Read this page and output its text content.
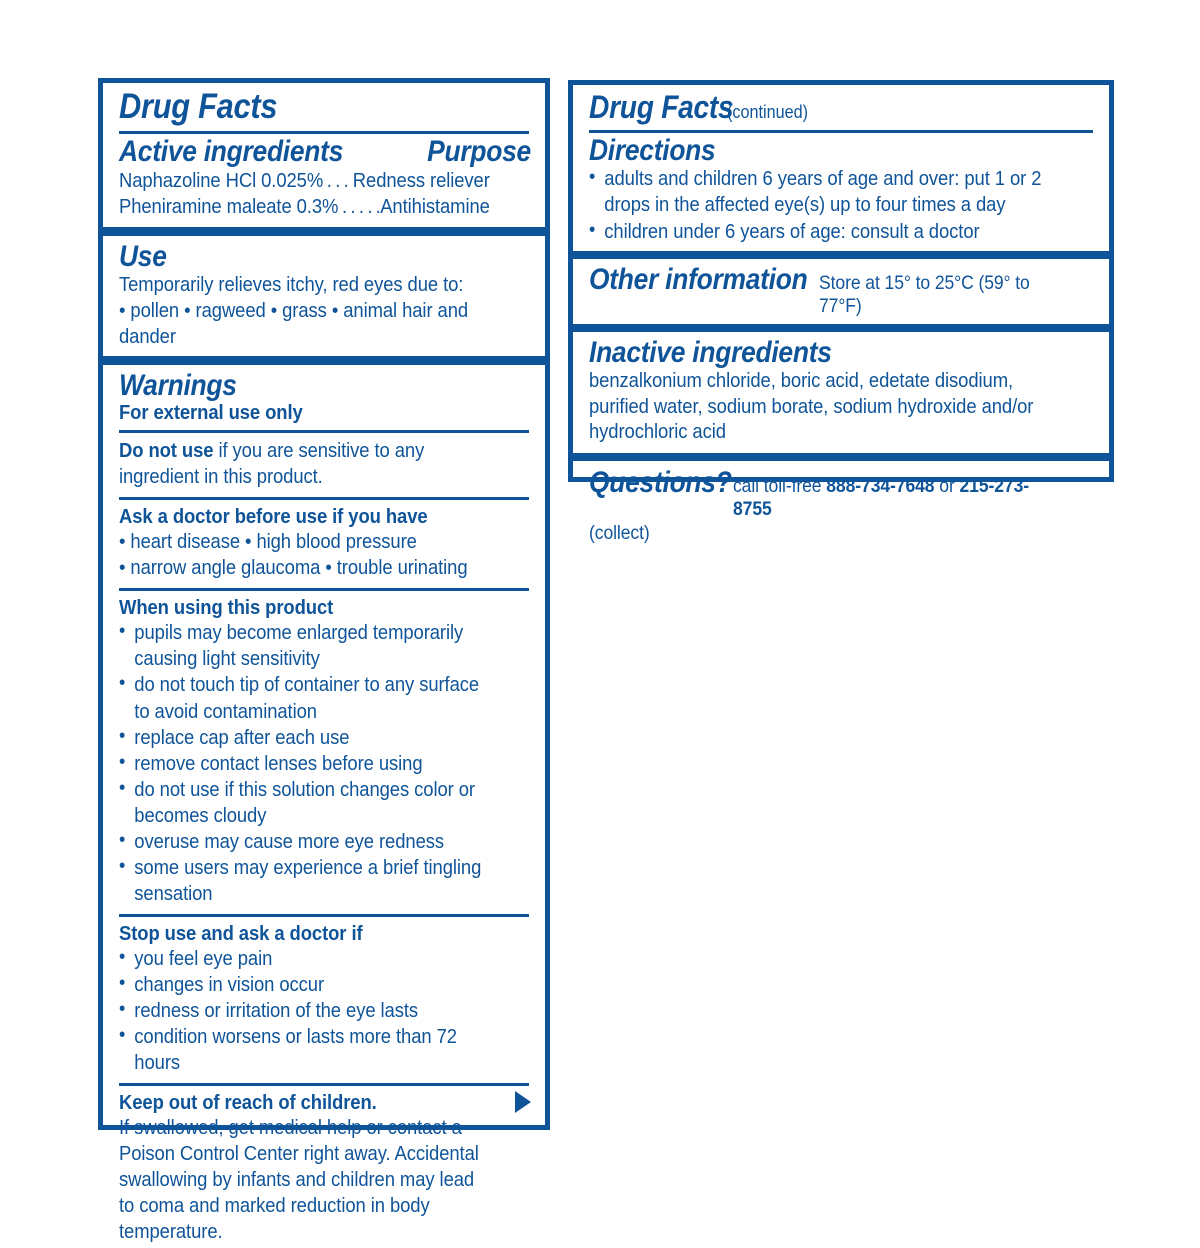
Drug Facts
Active ingredients	Purpose
Naphazoline HCl 0.025% . . . Redness reliever
Pheniramine maleate 0.3% . . . Antihistamine
Use
Temporarily relieves itchy, red eyes due to:
• pollen • ragweed • grass • animal hair and dander
Warnings
For external use only
Do not use if you are sensitive to any ingredient in this product.
Ask a doctor before use if you have
• heart disease • high blood pressure
• narrow angle glaucoma • trouble urinating
When using this product
• pupils may become enlarged temporarily causing light sensitivity
• do not touch tip of container to any surface to avoid contamination
• replace cap after each use
• remove contact lenses before using
• do not use if this solution changes color or becomes cloudy
• overuse may cause more eye redness
• some users may experience a brief tingling sensation
Stop use and ask a doctor if
• you feel eye pain
• changes in vision occur
• redness or irritation of the eye lasts
• condition worsens or lasts more than 72 hours
Keep out of reach of children.
If swallowed, get medical help or contact a Poison Control Center right away. Accidental swallowing by infants and children may lead to coma and marked reduction in body temperature.
Drug Facts
(continued)
Directions
• adults and children 6 years of age and over: put 1 or 2 drops in the affected eye(s) up to four times a day
• children under 6 years of age: consult a doctor
Other information Store at 15° to 25°C (59° to 77°F)
Inactive ingredients
benzalkonium chloride, boric acid, edetate disodium, purified water, sodium borate, sodium hydroxide and/or hydrochloric acid
Questions? call toll-free 888-734-7648 or 215-273-8755
(collect)
